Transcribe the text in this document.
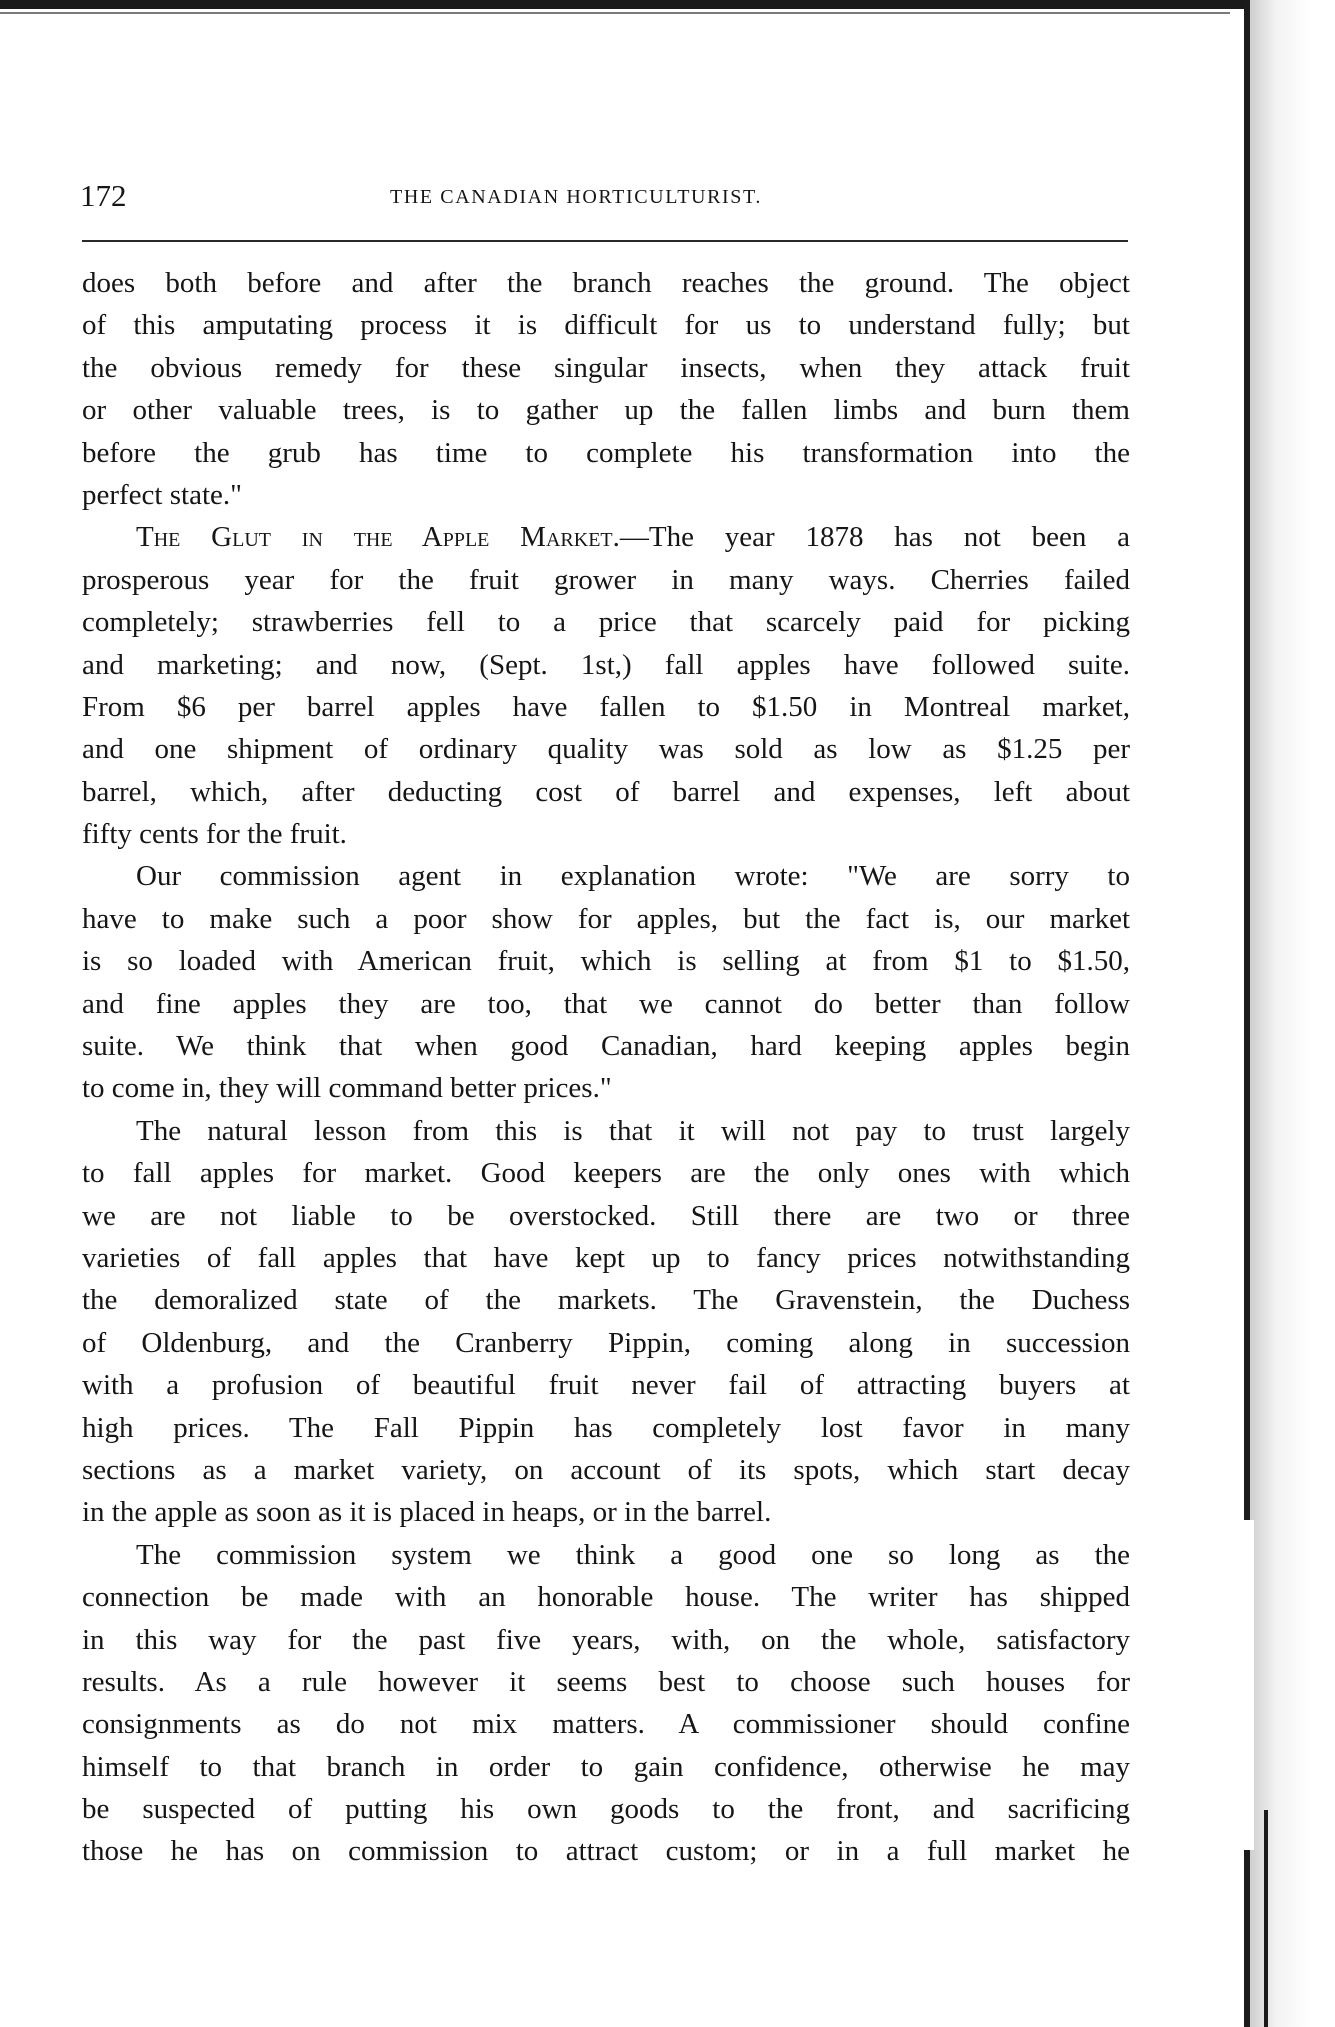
172	THE CANADIAN HORTICULTURIST.
does both before and after the branch reaches the ground. The object
of this amputating process it is difficult for us to understand fully; but
the obvious remedy for these singular insects, when they attack fruit
or other valuable trees, is to gather up the fallen limbs and burn them
before the grub has time to complete his transformation into the
perfect state."
The Glut in the Apple Market.—The year 1878 has not been a
prosperous year for the fruit grower in many ways. Cherries failed
completely; strawberries fell to a price that scarcely paid for picking
and marketing; and now, (Sept. 1st,) fall apples have followed suite.
From $6 per barrel apples have fallen to $1.50 in Montreal market,
and one shipment of ordinary quality was sold as low as $1.25 per
barrel, which, after deducting cost of barrel and expenses, left about
fifty cents for the fruit.
Our commission agent in explanation wrote: "We are sorry to
have to make such a poor show for apples, but the fact is, our market
is so loaded with American fruit, which is selling at from $1 to $1.50,
and fine apples they are too, that we cannot do better than follow
suite. We think that when good Canadian, hard keeping apples begin
to come in, they will command better prices."
The natural lesson from this is that it will not pay to trust largely
to fall apples for market. Good keepers are the only ones with which
we are not liable to be overstocked. Still there are two or three
varieties of fall apples that have kept up to fancy prices notwithstanding
the demoralized state of the markets. The Gravenstein, the Duchess
of Oldenburg, and the Cranberry Pippin, coming along in succession
with a profusion of beautiful fruit never fail of attracting buyers at
high prices. The Fall Pippin has completely lost favor in many
sections as a market variety, on account of its spots, which start decay
in the apple as soon as it is placed in heaps, or in the barrel.
The commission system we think a good one so long as the
connection be made with an honorable house. The writer has shipped
in this way for the past five years, with, on the whole, satisfactory
results. As a rule however it seems best to choose such houses for
consignments as do not mix matters. A commissioner should confine
himself to that branch in order to gain confidence, otherwise he may
be suspected of putting his own goods to the front, and sacrificing
those he has on commission to attract custom; or in a full market he
